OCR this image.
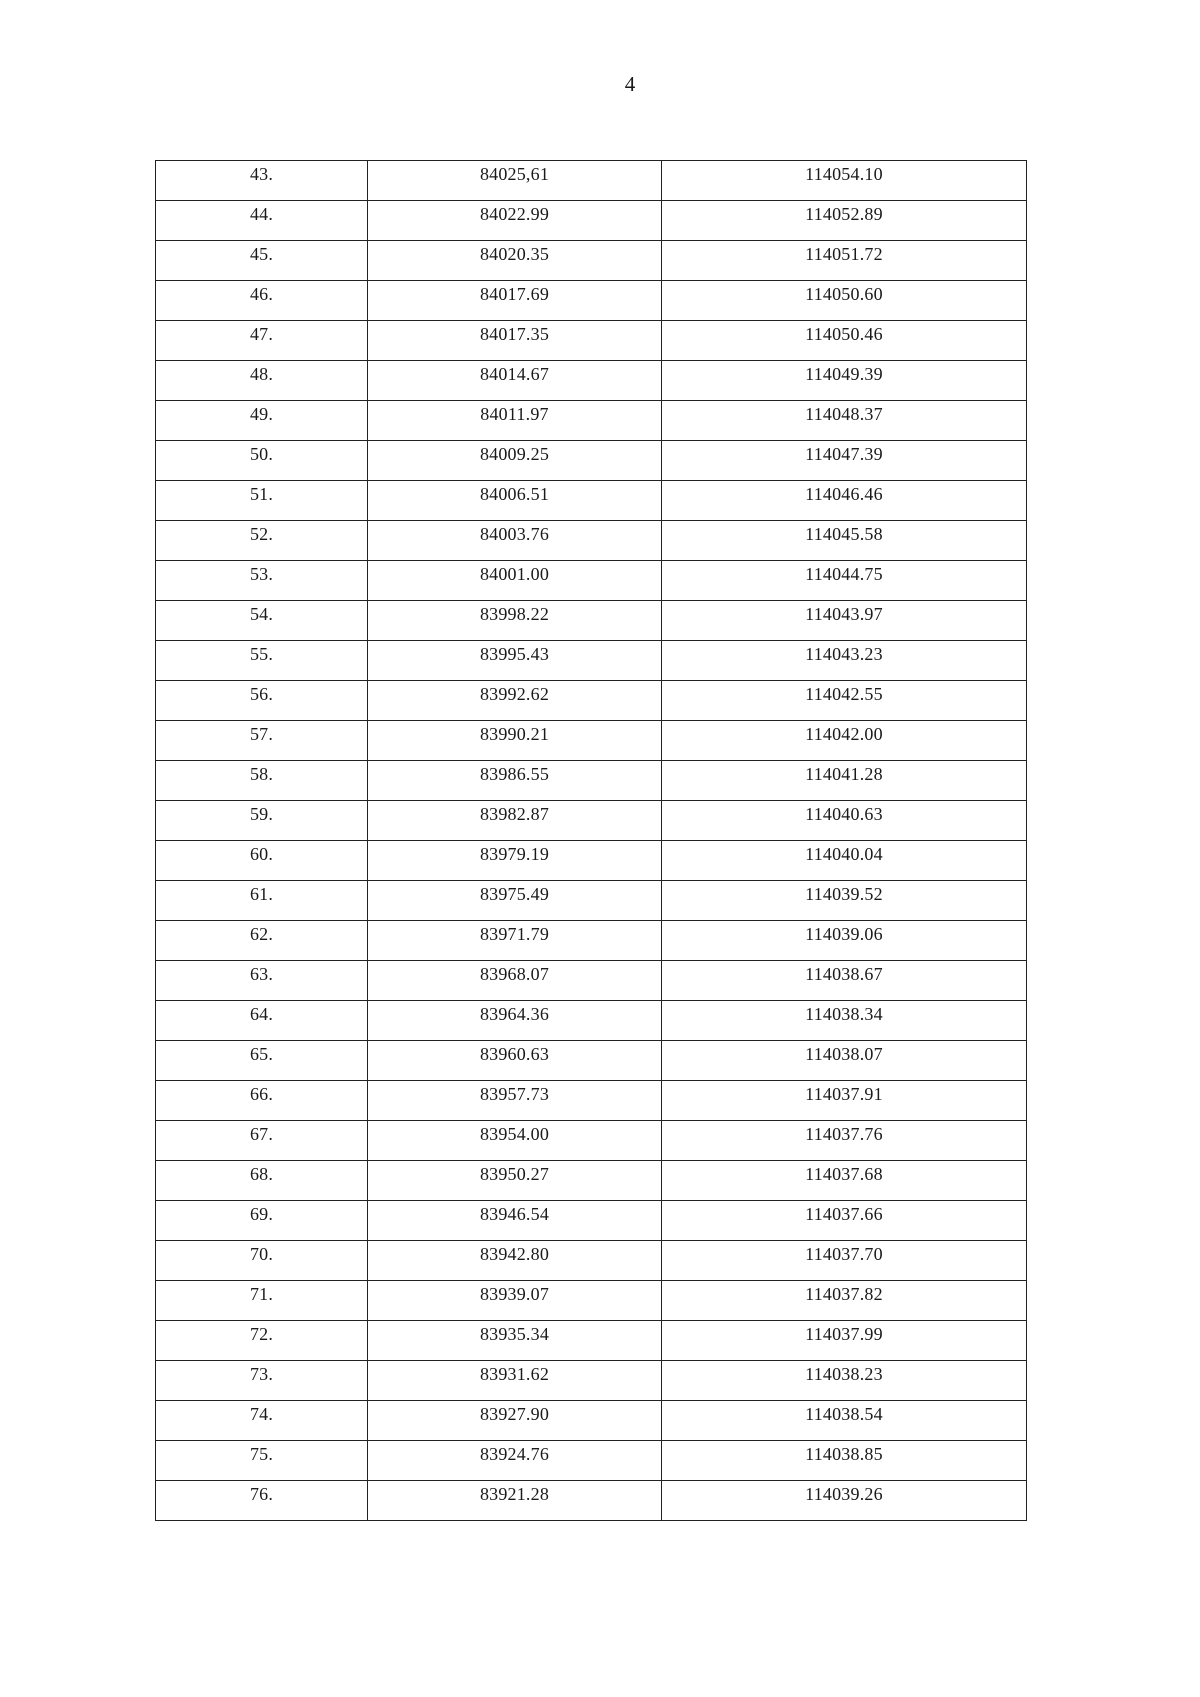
4
43.	84025,61	114054.10
44.	84022.99	114052.89
45.	84020.35	114051.72
46.	84017.69	114050.60
47.	84017.35	114050.46
48.	84014.67	114049.39
49.	84011.97	114048.37
50.	84009.25	114047.39
51.	84006.51	114046.46
52.	84003.76	114045.58
53.	84001.00	114044.75
54.	83998.22	114043.97
55.	83995.43	114043.23
56.	83992.62	114042.55
57.	83990.21	114042.00
58.	83986.55	114041.28
59.	83982.87	114040.63
60.	83979.19	114040.04
61.	83975.49	114039.52
62.	83971.79	114039.06
63.	83968.07	114038.67
64.	83964.36	114038.34
65.	83960.63	114038.07
66.	83957.73	114037.91
67.	83954.00	114037.76
68.	83950.27	114037.68
69.	83946.54	114037.66
70.	83942.80	114037.70
71.	83939.07	114037.82
72.	83935.34	114037.99
73.	83931.62	114038.23
74.	83927.90	114038.54
75.	83924.76	114038.85
76.	83921.28	114039.26
